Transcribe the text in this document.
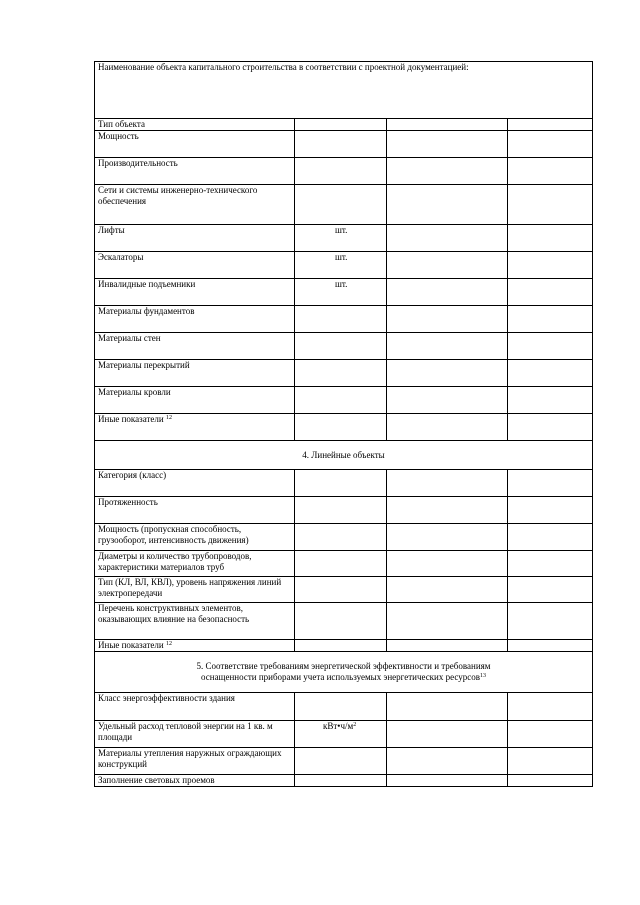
Наименование объекта капитального строительства в соответствии с проектной документацией:			
Тип объекта			
Мощность			
Производительность			
Сети и системы инженерно-технического обеспечения			
Лифты	шт.		
Эскалаторы	шт.		
Инвалидные подъемники	шт.		
Материалы фундаментов			
Материалы стен			
Материалы перекрытий			
Материалы кровли			
Иные показатели $^{12}$			
4. Линейные объекты			
Категория (класс)			
Протяженность			
Мощность (пропускная способность, грузооборот, интенсивность движения)			
Диаметры и количество трубопроводов, характеристики материалов труб			
Тип (КЛ, ВЛ, КВЛ), уровень напряжения линий электропередачи			
Перечень конструктивных элементов, оказывающих влияние на безопасность			
Иные показатели $^{12}$			

5. Соответствие требованиям энергетической эффективности и требованиям
оснащенности приборами учета используемых энергетических ресурсов$^{13}$

Класс энергоэффективности здания			
Удельный расход тепловой энергии на 1 кв. м площади	$кВт•ч/м^2$		
Материалы утепления наружных ограждающих конструкций			
Заполнение световых проемов			
